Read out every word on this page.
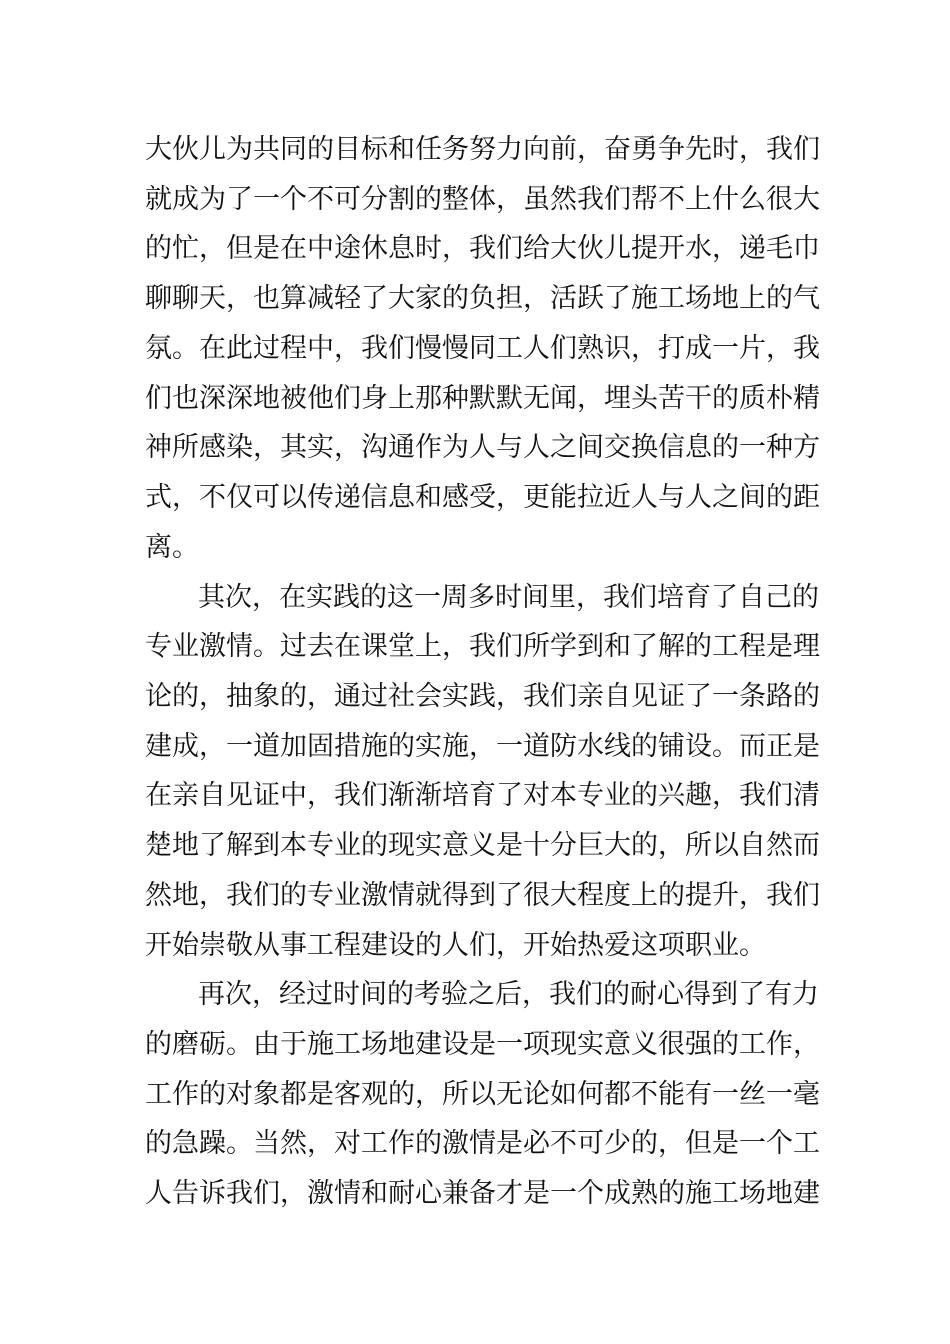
大伙儿为共同的目标和任务努力向前，奋勇争先时，我们
就成为了一个不可分割的整体，虽然我们帮不上什么很大
的忙，但是在中途休息时，我们给大伙儿提开水，递毛巾
聊聊天，也算减轻了大家的负担，活跃了施工场地上的气
氛。在此过程中，我们慢慢同工人们熟识，打成一片，我
们也深深地被他们身上那种默默无闻，埋头苦干的质朴精
神所感染，其实，沟通作为人与人之间交换信息的一种方
式，不仅可以传递信息和感受，更能拉近人与人之间的距
离。
其次，在实践的这一周多时间里，我们培育了自己的
专业激情。过去在课堂上，我们所学到和了解的工程是理
论的，抽象的，通过社会实践，我们亲自见证了一条路的
建成，一道加固措施的实施，一道防水线的铺设。而正是
在亲自见证中，我们渐渐培育了对本专业的兴趣，我们清
楚地了解到本专业的现实意义是十分巨大的，所以自然而
然地，我们的专业激情就得到了很大程度上的提升，我们
开始崇敬从事工程建设的人们，开始热爱这项职业。
再次，经过时间的考验之后，我们的耐心得到了有力
的磨砺。由于施工场地建设是一项现实意义很强的工作，
工作的对象都是客观的，所以无论如何都不能有一丝一毫
的急躁。当然，对工作的激情是必不可少的，但是一个工
人告诉我们，激情和耐心兼备才是一个成熟的施工场地建
